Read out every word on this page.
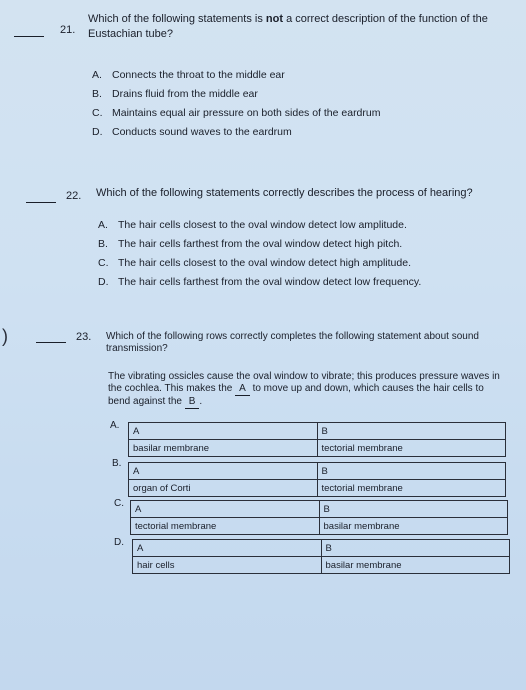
21.
Which of the following statements is not a correct description of the function of the Eustachian tube?
A. Connects the throat to the middle ear
B. Drains fluid from the middle ear
C. Maintains equal air pressure on both sides of the eardrum
D. Conducts sound waves to the eardrum
22. Which of the following statements correctly describes the process of hearing?
A. The hair cells closest to the oval window detect low amplitude.
B. The hair cells farthest from the oval window detect high pitch.
C. The hair cells closest to the oval window detect high amplitude.
D. The hair cells farthest from the oval window detect low frequency.
)	23. Which of the following rows correctly completes the following statement about sound transmission?
The vibrating ossicles cause the oval window to vibrate; this produces pressure waves in the cochlea. This makes the A to move up and down, which causes the hair cells to bend against the B .
A. A	B
basilar membrane	tectorial membrane
B.
A	B
organ of Corti	tectorial membrane
C. A	B
tectorial membrane	basilar membrane
D. A	B
hair cells	basilar membrane
